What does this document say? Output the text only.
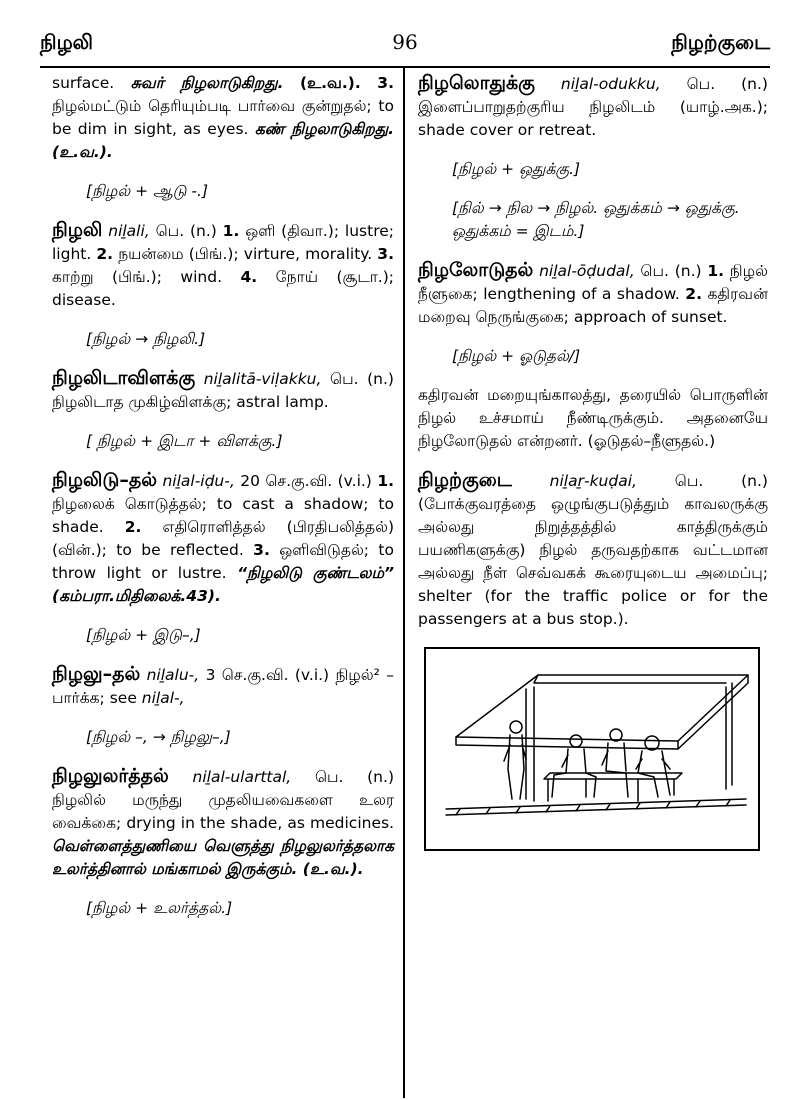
நிழலி	96	நிழற்குடை
surface. சுவர் நிழலாடுகிறது. (உ.வ.). 3. நிழல்மட்டும் தெரியும்படி பார்வை குன்றுதல்; to be dim in sight, as eyes. கண் நிழலாடுகிறது. (உ.வ.).
[நிழல் + ஆடு -.]
நிழலி niḻali, பெ. (n.) 1. ஒளி (திவா.); lustre; light. 2. நயன்மை (பிங்.); virture, morality. 3. காற்று (பிங்.); wind. 4. நோய் (சூடா.); disease.
[நிழல் → நிழலி.]
நிழலிடாவிளக்கு niḻalitā-viḷakku, பெ. (n.) நிழலிடாத முகிழ்விளக்கு; astral lamp.
[ நிழல் + இடா + விளக்கு.]
நிழலிடு–தல் niḻal-iḍu-, 20 செ.கு.வி. (v.i.) 1. நிழலைக் கொடுத்தல்; to cast a shadow; to shade. 2. எதிரொளித்தல் (பிரதிபலித்தல்) (வின்.); to be reflected. 3. ஒளிவிடுதல்; to throw light or lustre. “நிழலிடு குண்டலம்” (கம்பரா.மிதிலைக்.43).
[நிழல் + இடு–,]
நிழலு–தல் niḻalu-, 3 செ.கு.வி. (v.i.) நிழல்² – பார்க்க; see niḻal-,
[நிழல் –, → நிழலு–,]
நிழலுலர்த்தல் niḻal-ularttal, பெ. (n.) நிழலில் மருந்து முதலியவைகளை உலர வைக்கை; drying in the shade, as medicines. வெள்ளைத்துணியை வெளுத்து நிழலுலர்த்தலாக உலர்த்தினால் மங்காமல் இருக்கும். (உ.வ.).
[நிழல் + உலர்த்தல்.]
நிழலொதுக்கு niḻal-odukku, பெ. (n.) இளைப்பாறுதற்குரிய நிழலிடம் (யாழ்.அக.); shade cover or retreat.
[நிழல் + ஒதுக்கு.]
[நில் → நில → நிழல். ஒதுக்கம் → ஒதுக்கு. ஒதுக்கம் = இடம்.]
நிழலோடுதல் niḻal-ōḍudal, பெ. (n.) 1. நிழல் நீளுகை; lengthening of a shadow. 2. கதிரவன் மறைவு நெருங்குகை; approach of sunset.
[நிழல் + ஓடுதல்/]
கதிரவன் மறையுங்காலத்து, தரையில் பொருளின் நிழல் உச்சமாய் நீண்டிருக்கும். அதனையே நிழலோடுதல் என்றனர். (ஓடுதல்–நீளுதல்.)
நிழற்குடை niḻaṟ-kuḍai, பெ. (n.) (போக்குவரத்தை ஒழுங்குபடுத்தும் காவலருக்கு அல்லது நிறுத்தத்தில் காத்திருக்கும் பயணிகளுக்கு) நிழல் தருவதற்காக வட்டமான அல்லது நீள் செவ்வகக் கூரையுடைய அமைப்பு; shelter (for the traffic police or for the passengers at a bus stop.).
